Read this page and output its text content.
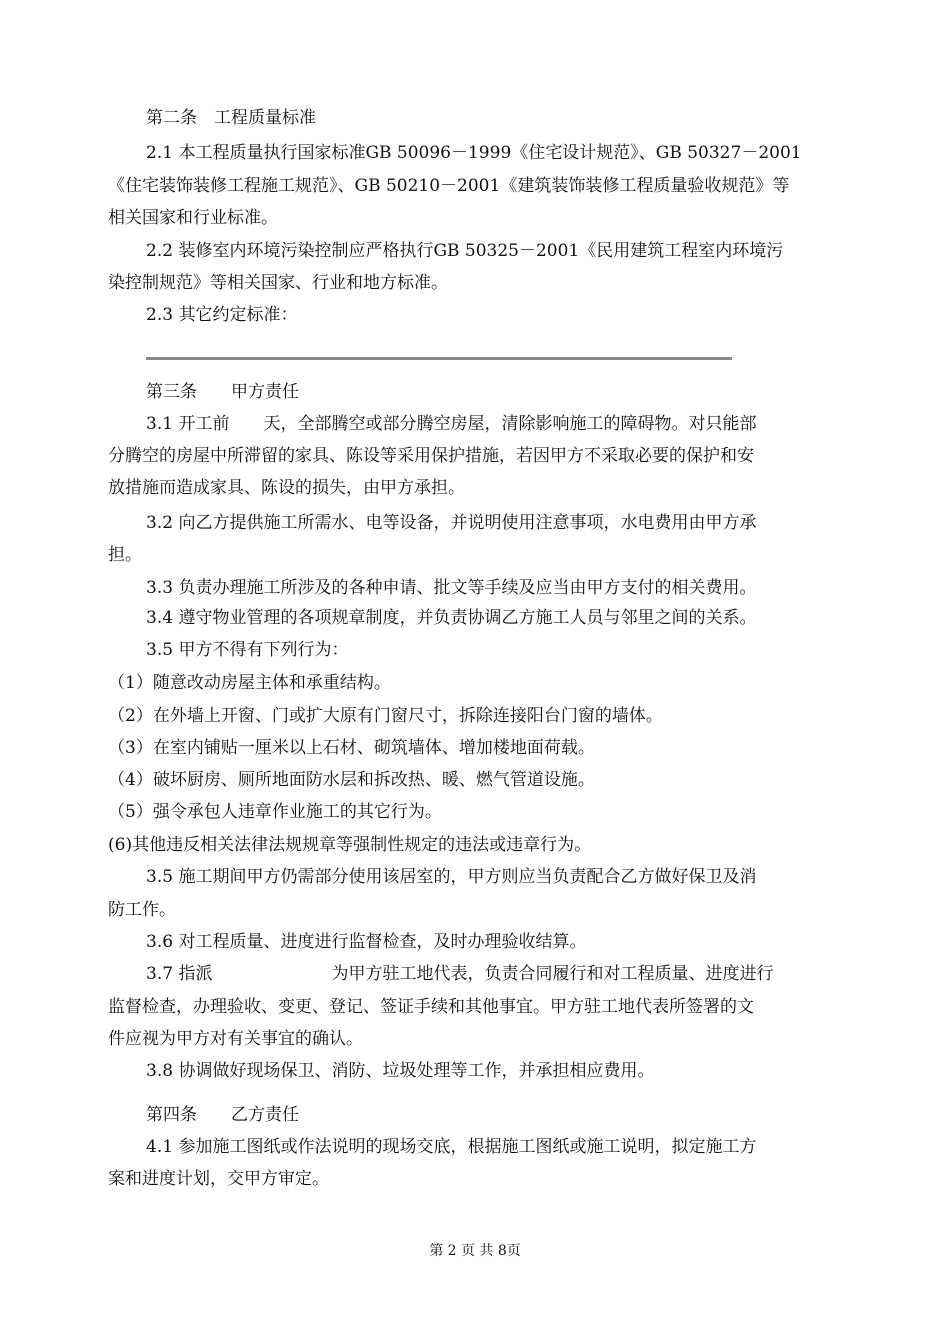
第二条　工程质量标准
2.1 本工程质量执行国家标准GB 50096－1999《住宅设计规范》、GB 50327－2001
《住宅装饰装修工程施工规范》、GB 50210－2001《建筑装饰装修工程质量验收规范》等
相关国家和行业标准。
2.2 装修室内环境污染控制应严格执行GB 50325－2001《民用建筑工程室内环境污
染控制规范》等相关国家、行业和地方标准。
2.3 其它约定标准：
第三条　　甲方责任
3.1 开工前　　天，全部腾空或部分腾空房屋，清除影响施工的障碍物。对只能部
分腾空的房屋中所滞留的家具、陈设等采用保护措施，若因甲方不采取必要的保护和安
放措施而造成家具、陈设的损失，由甲方承担。
3.2 向乙方提供施工所需水、电等设备，并说明使用注意事项，水电费用由甲方承
担。
3.3 负责办理施工所涉及的各种申请、批文等手续及应当由甲方支付的相关费用。
3.4 遵守物业管理的各项规章制度，并负责协调乙方施工人员与邻里之间的关系。
3.5 甲方不得有下列行为：
（1）随意改动房屋主体和承重结构。
（2）在外墙上开窗、门或扩大原有门窗尺寸，拆除连接阳台门窗的墙体。
（3）在室内铺贴一厘米以上石材、砌筑墙体、增加楼地面荷载。
（4）破坏厨房、厕所地面防水层和拆改热、暖、燃气管道设施。
（5）强令承包人违章作业施工的其它行为。
(6)其他违反相关法律法规规章等强制性规定的违法或违章行为。
3.5 施工期间甲方仍需部分使用该居室的，甲方则应当负责配合乙方做好保卫及消
防工作。
3.6 对工程质量、进度进行监督检查，及时办理验收结算。
3.7 指派　　　　　　　为甲方驻工地代表，负责合同履行和对工程质量、进度进行
监督检查，办理验收、变更、登记、签证手续和其他事宜。甲方驻工地代表所签署的文
件应视为甲方对有关事宜的确认。
3.8 协调做好现场保卫、消防、垃圾处理等工作，并承担相应费用。
第四条　　乙方责任
4.1 参加施工图纸或作法说明的现场交底，根据施工图纸或施工说明，拟定施工方
案和进度计划，交甲方审定。
第 2 页 共 8页
